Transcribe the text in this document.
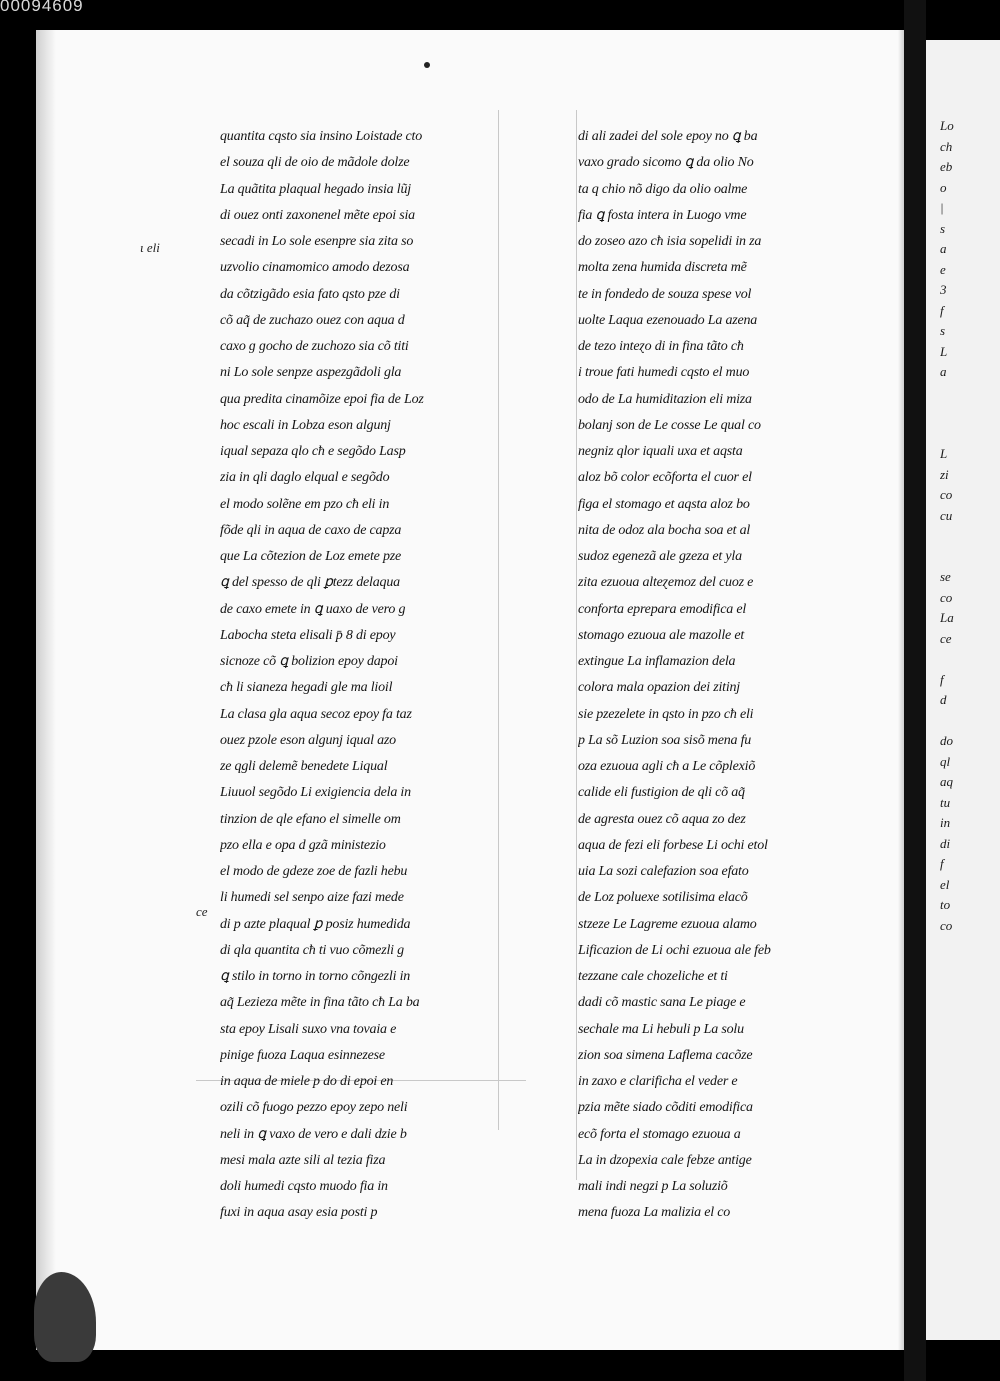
00094609
Lo
ch
eb
o
|
s
a
e
3
f
s
L
a
L
zi
co
cu
se
co
La
ce
f
d
do
ql
aq
tu
in
di
f
el
to
co
ɩ eli
ce
quantita cqsto sia insino Loistade cto
el souza qli de oio de mãdole dolze
La quãtita plaqual hegado insia lũj
di ouez onti zaxonenel mẽte epoi sia
secadi in Lo sole esenpre sia zita so
uzvolio cinamomico amodo dezosa
da cõtzigãdo esia fato qsto pze di
cõ aq̃ de zuchazo ouez con aqua d
caxo ɡ ɡocho de zuchozo sia cõ titi
ni Lo sole senpze aspezgãdoli gla
qua predita cinamõize epoi fia de Loz
hoc escali in Lobza eson algunj
iqual sepaza qlo cħ e segõdo Lasp
zia in qli daglo elqual e segõdo
el modo solẽne em pzo cħ eli in
fõde qli in aqua de caxo de capza
que La cõtezion de Loz emete pze
ꝗ del spesso de qli ꝑtezz delaqua
de caxo emete in ꝗ uaxo de vero g
Labocha steta elisali p̄ 8 di epoy
sicnoze cõ ꝗ bolizion epoy dapoi
cħ li sianeza hegadi gle ma lioil
La clasa gla aqua secoz epoy fa taz
ouez pzole eson algunj iqual azo
ze qgli delemẽ benedete Liqual
Liuuol segõdo Li exigiencia dela in
tinzion de qle efano el simelle om
pzo ella e opa d gzã ministezio
el modo de gdeze zoe de fazli hebu
li humedi sel senpo aize fazi mede
di p azte plaqual ꝑ posiz humedida
di qla quantita cħ ti vuo cõmezli g
ꝗ stilo in torno in torno cõngezli in
aq̃ Lezieza mẽte in fina tãto cħ La ba
sta epoy Lisali suxo vna tovaia e
pinige fuoza Laqua esinnezese
in aqua de miele p do di epoi en
ozili cõ fuogo pezzo epoy zepo neli
neli in ꝗ vaxo de vero e dali dzie b
mesi mala azte sili al tezia fiza
doli humedi cqsto muodo fia in
fuxi in aqua asay esia posti p
di ali zadei del sole epoy no ꝗ ba
vaxo grado sicomo ꝗ da olio No
ta q chio nõ digo da olio oalme
fia ꝗ fosta intera in Luogo vme
do zoseo azo cħ isia sopelidi in za
molta zena humida discreta mẽ
te in fondedo de souza spese vol
uolte Laqua ezenouado La azena
de tezo inteɀo di in fina tãto cħ
i troue fati humedi cqsto el muo
odo de La humiditazion eli miza
bolanj son de Le cosse Le qual co
negniz qlor iquali uxa et aqsta
aloz bõ color ecõforta el cuor el
figa el stomago et aqsta aloz bo
nita de odoz ala bocha soa et al
sudoz egenezã ale gzeza et yla
zita ezuoua alteɀemoz del cuoz e
conforta eprepara emodifica el
stomago ezuoua ale mazolle et
extingue La inflamazion dela
colora mala opazion dei zitinj
sie pzezelete in qsto in pzo cħ eli
p La sõ Luzion soa sisõ mena fu
oza ezuoua agli cħ a Le cõplexiõ
calide eli fustigion de qli cõ aq̃
de agresta ouez cõ aqua zo dez
aqua de fezi eli forbese Li ochi etol
uia La sozi calefazion soa efato
de Loz poluexe sotilisima elacõ
stzeze Le Lagreme ezuoua alamo
Lificazion de Li ochi ezuoua ale feb
tezzane cale chozeliche et ti
dadi cõ mastic sana Le piage e
sechale ma Li hebuli p La solu
zion soa simena Laflema cacõze
in zaxo e clarificha el veder e
pzia mẽte siado cõditi emodifica
ecõ forta el stomago ezuoua a
La in dzopexia cale febze antige
mali indi negzi p La soluziõ
mena fuoza La malizia el co
